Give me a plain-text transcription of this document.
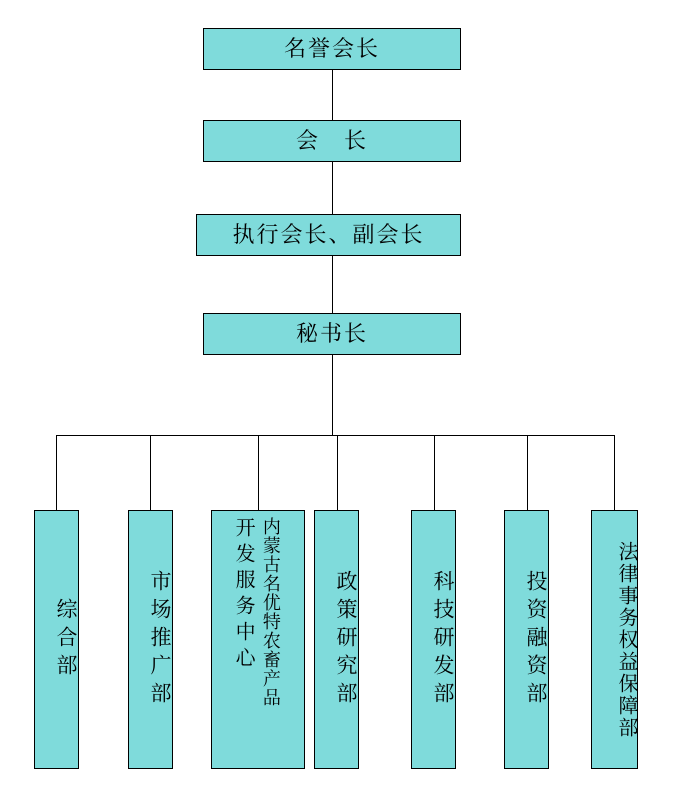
名誉会长
会　长
执行会长、副会长
秘书长
综合部	市场推广部	内蒙古名优特农畜产品
开发服务中心	政策研究部	科技研发部	投资融资部	法律事务权益保障部
